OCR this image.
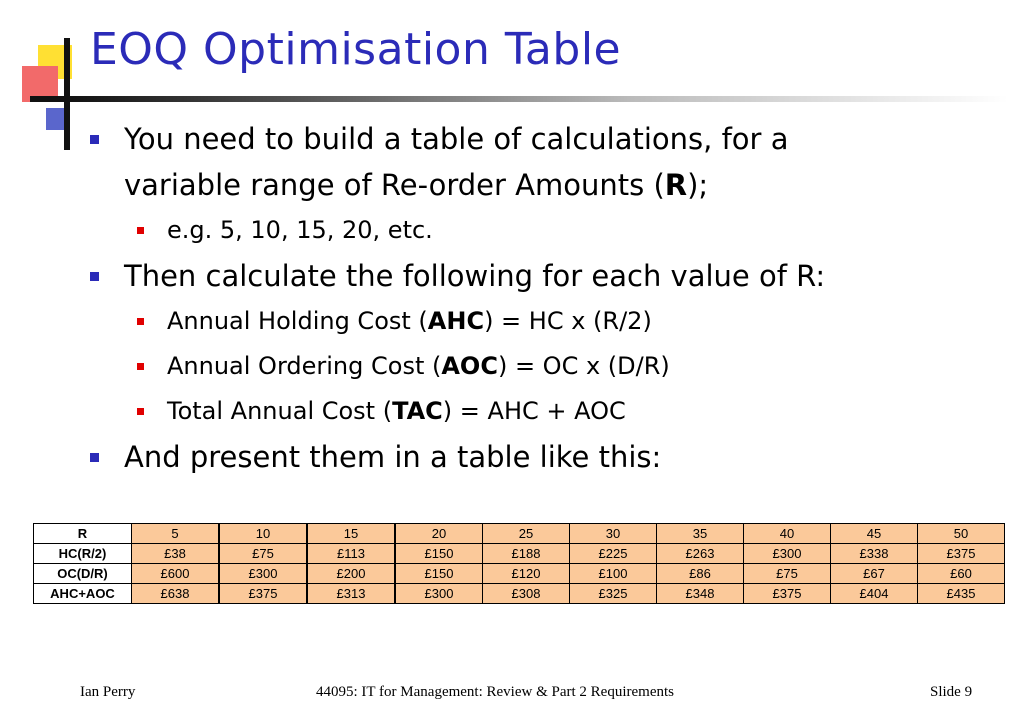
EOQ Optimisation Table

You need to build a table of calculations, for a
variable range of Re-order Amounts (R);

e.g. 5, 10, 15, 20, etc.

Then calculate the following for each value of R:

Annual Holding Cost (AHC) = HC x (R/2)

Annual Ordering Cost (AOC) = OC x (D/R)

Total Annual Cost (TAC) = AHC + AOC

And present them in a table like this:

R	5	10	15	20	25	30	35	40	45	50
HC(R/2)	£38	£75	£113	£150	£188	£225	£263	£300	£338	£375
OC(D/R)	£600	£300	£200	£150	£120	£100	£86	£75	£67	£60
AHC+AOC	£638	£375	£313	£300	£308	£325	£348	£375	£404	£435
Ian Perry	44095: IT for Management: Review & Part 2 Requirements	Slide 9
